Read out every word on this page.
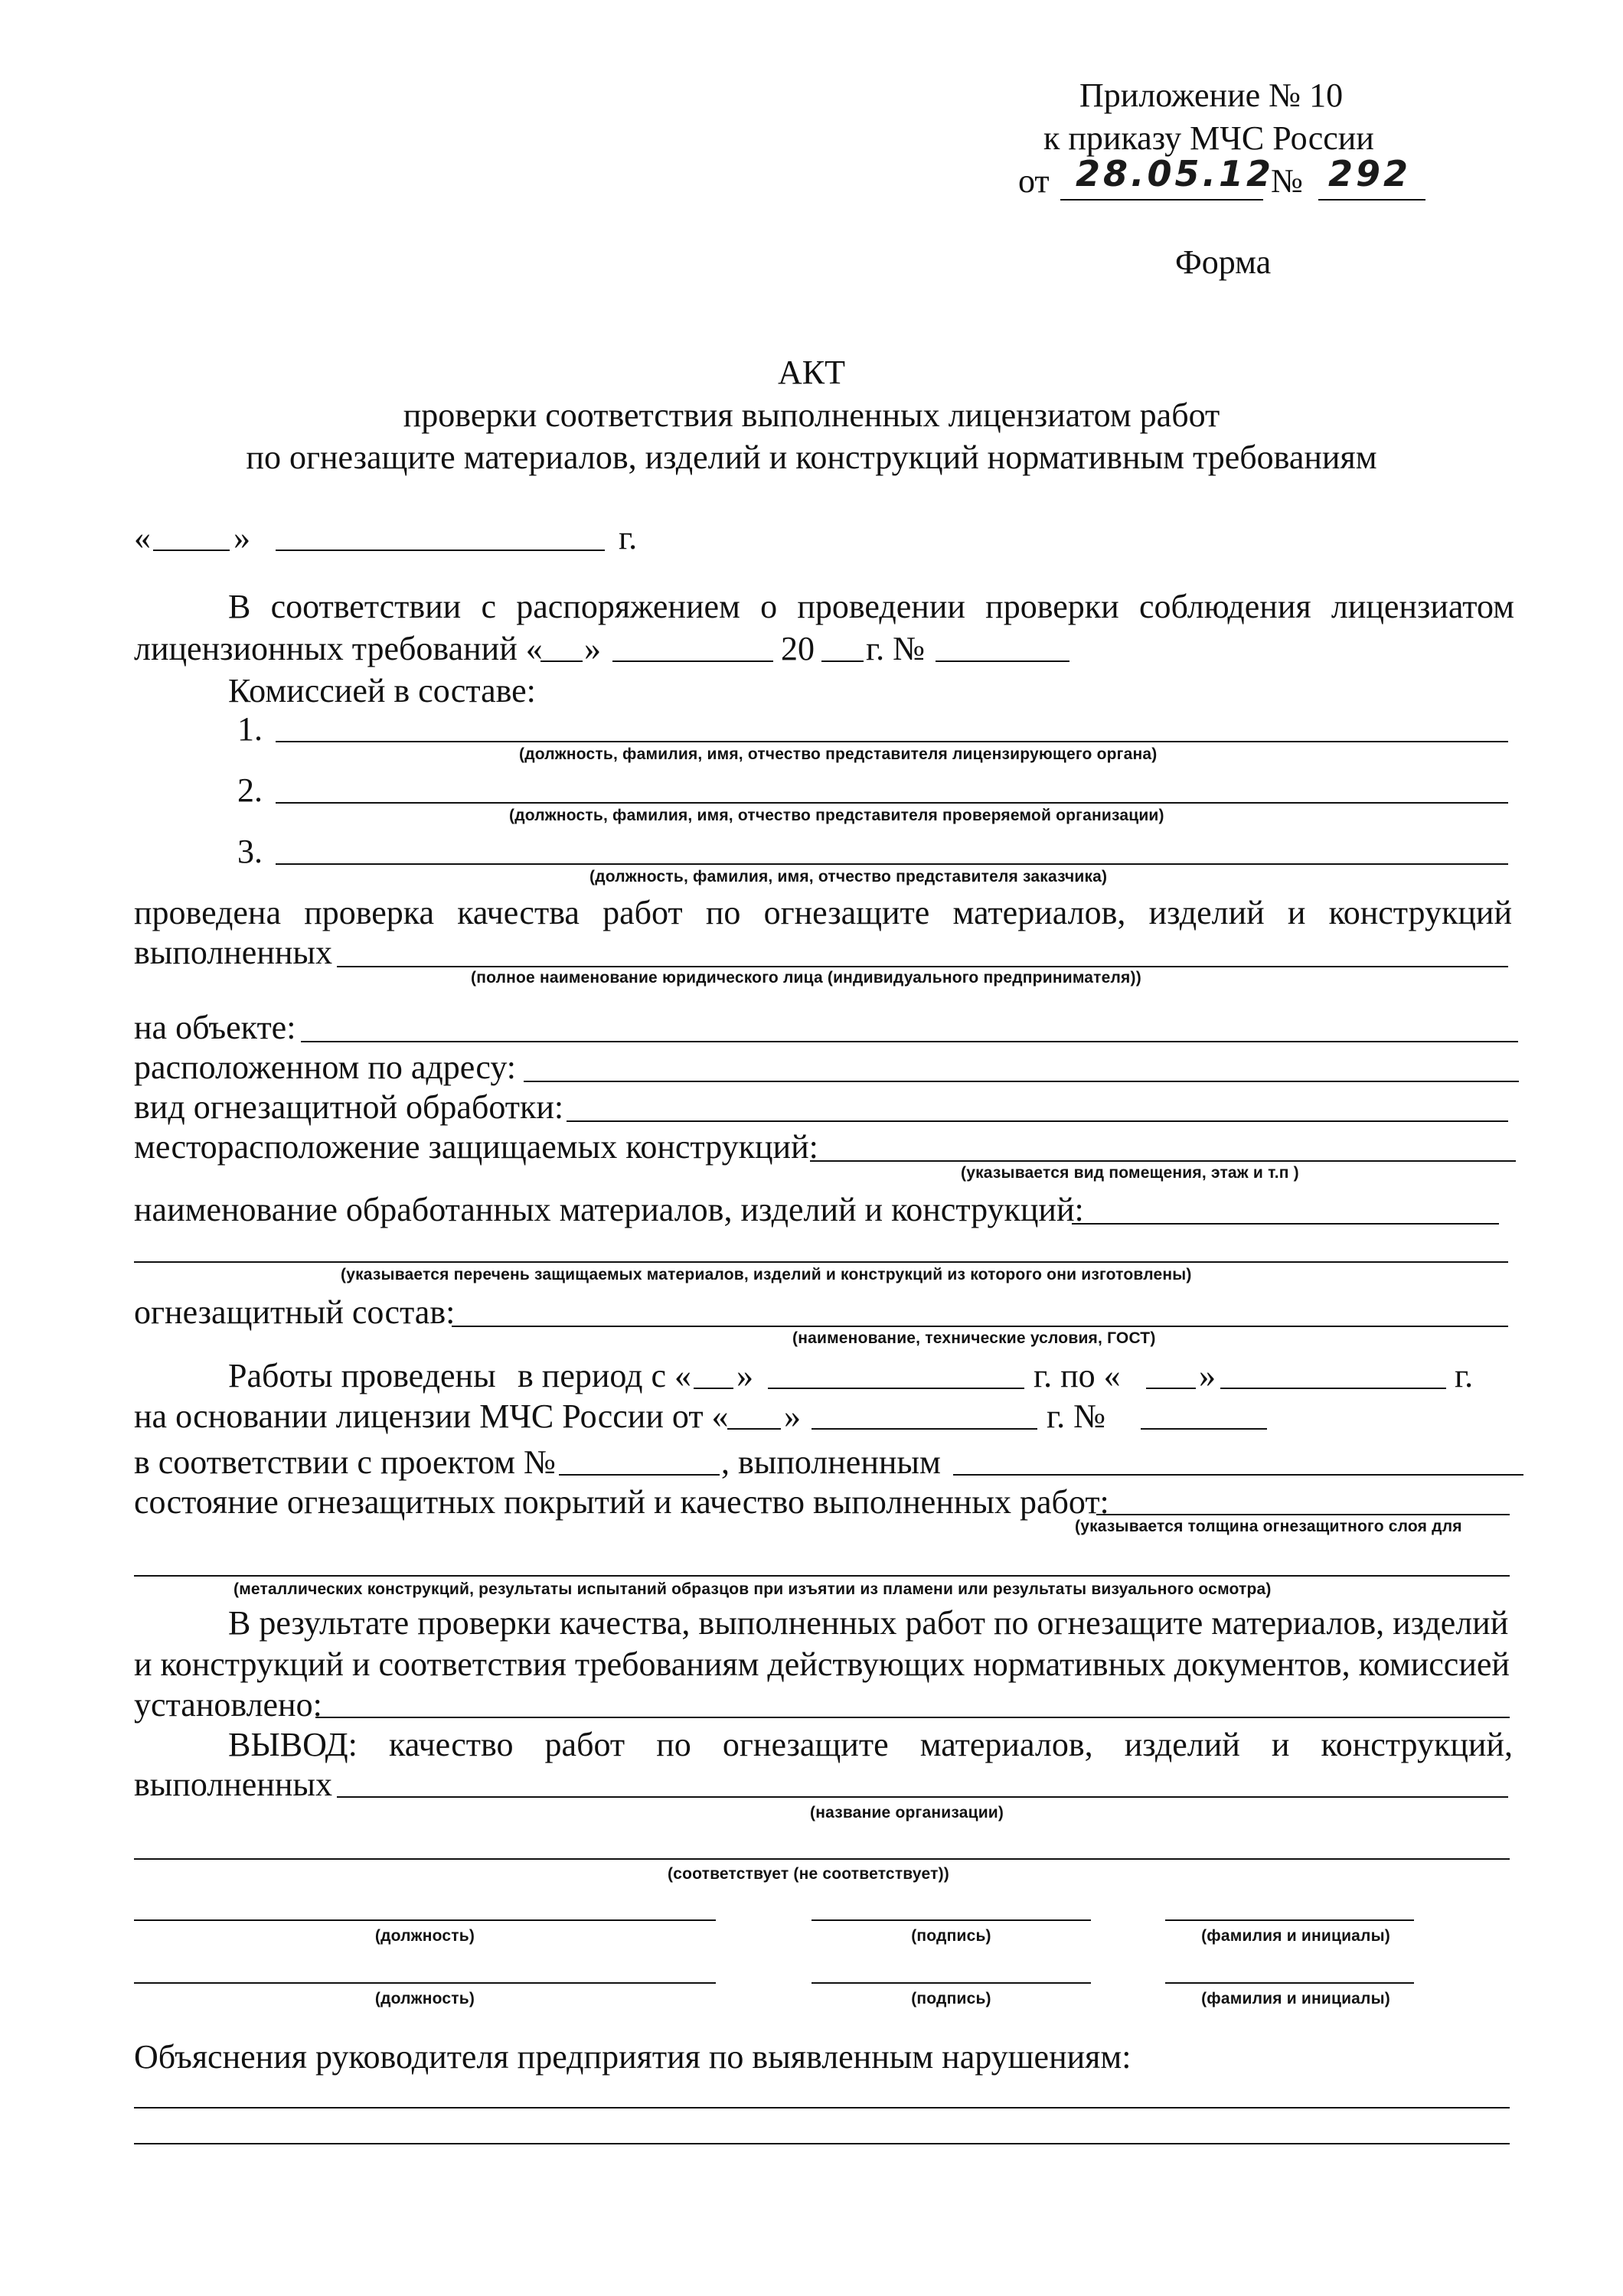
Приложение № 10
к приказу МЧС России
от 28.05.12
№ 292
Форма
АКТ
проверки соответствия выполненных лицензиатом работ
по огнезащите материалов, изделий и конструкций нормативным требованиям
« »	г.
В соответствии с распоряжением о проведении проверки соблюдения лицензиатом
лицензионных требований « »	20 г. №
Комиссией в составе:
1.
(должность, фамилия, имя, отчество представителя лицензирующего органа)
2.
(должность, фамилия, имя, отчество представителя проверяемой организации)
3.
(должность, фамилия, имя, отчество представителя заказчика)
проведена проверка качества работ по огнезащите материалов, изделий и конструкций
выполненных
(полное наименование юридического лица (индивидуального предпринимателя))
на объекте:
расположенном по адресу:
вид огнезащитной обработки:
месторасположение защищаемых конструкций:
(указывается вид помещения, этаж и т.п )
наименование обработанных материалов, изделий и конструкций:
(указывается перечень защищаемых материалов, изделий и конструкций из которого они изготовлены)
огнезащитный состав:
(наименование, технические условия, ГОСТ)
Работы проведены в период с « »	г. по « »	г.
на основании лицензии МЧС России от « »	г. №
в соответствии с проектом №	, выполненным
состояние огнезащитных покрытий и качество выполненных работ:
(указывается толщина огнезащитного слоя для
(металлических конструкций, результаты испытаний образцов при изъятии из пламени или результаты визуального осмотра)
В результате проверки качества, выполненных работ по огнезащите материалов, изделий
и конструкций и соответствия требованиям действующих нормативных документов, комиссией
установлено:
ВЫВОД: качество работ по огнезащите материалов, изделий и конструкций,
выполненных
(название организации)
(соответствует (не соответствует))
(должность)	(подпись)	(фамилия и инициалы)
(должность)	(подпись)	(фамилия и инициалы)
Объяснения руководителя предприятия по выявленным нарушениям:
